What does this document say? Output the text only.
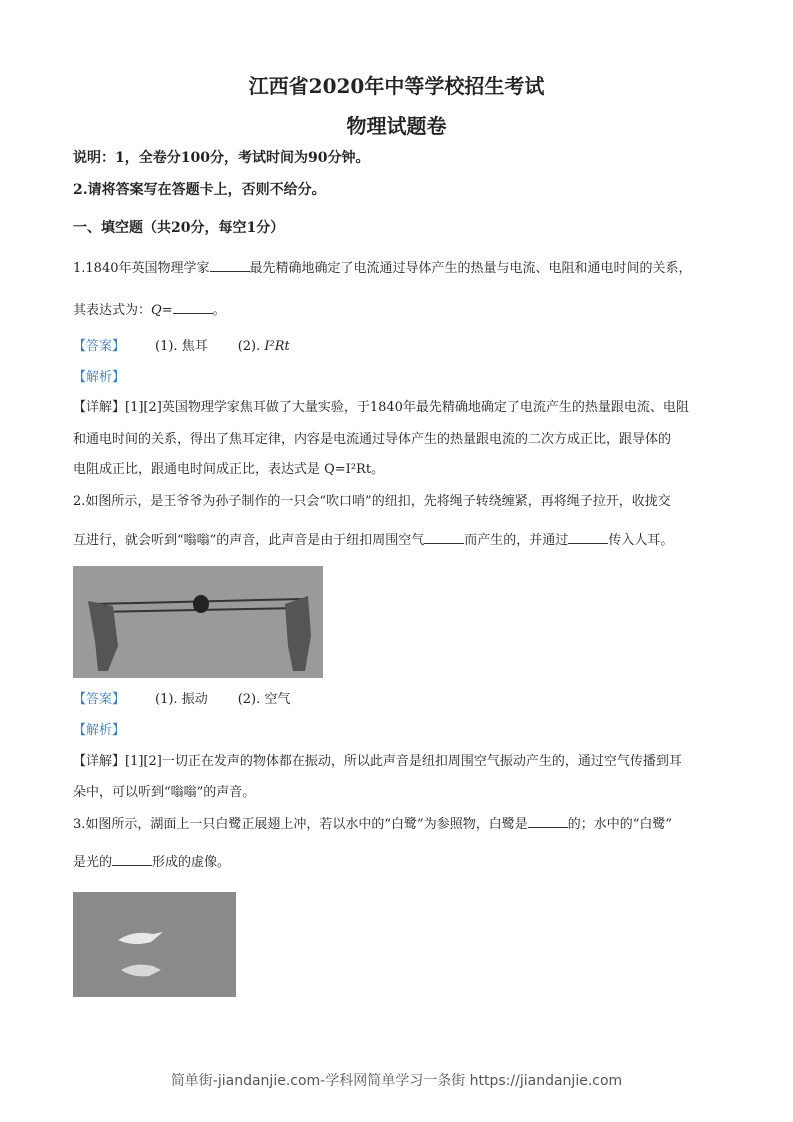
江西省2020年中等学校招生考试
物理试题卷
说明：1，全卷分100分，考试时间为90分钟。
2.请将答案写在答题卡上，否则不给分。
一、填空题（共20分，每空1分）
1.1840年英国物理学家	最先精确地确定了电流通过导体产生的热量与电流、电阻和通电时间的关系，
其表达式为：Q=	。
【答案】 (1). 焦耳 (2). I²Rt
【解析】
【详解】[1][2]英国物理学家焦耳做了大量实验，于1840年最先精确地确定了电流产生的热量跟电流、电阻
和通电时间的关系，得出了焦耳定律，内容是电流通过导体产生的热量跟电流的二次方成正比，跟导体的
电阻成正比，跟通电时间成正比，表达式是 Q=I²Rt。
2.如图所示，是王爷爷为孙子制作的一只会“吹口哨”的纽扣，先将绳子转绕缠紧，再将绳子拉开，收拢交
互进行，就会听到“嗡嗡”的声音，此声音是由于纽扣周围空气	而产生的，并通过	传入人耳。
【答案】 (1). 振动 (2). 空气
【解析】
【详解】[1][2]一切正在发声的物体都在振动，所以此声音是纽扣周围空气振动产生的，通过空气传播到耳
朵中，可以听到“嗡嗡”的声音。
3.如图所示，湖面上一只白鹭正展翅上冲，若以水中的“白鹭”为参照物，白鹭是	的；水中的“白鹭”
是光的	形成的虚像。
简单街-jiandanjie.com-学科网简单学习一条街 https://jiandanjie.com
